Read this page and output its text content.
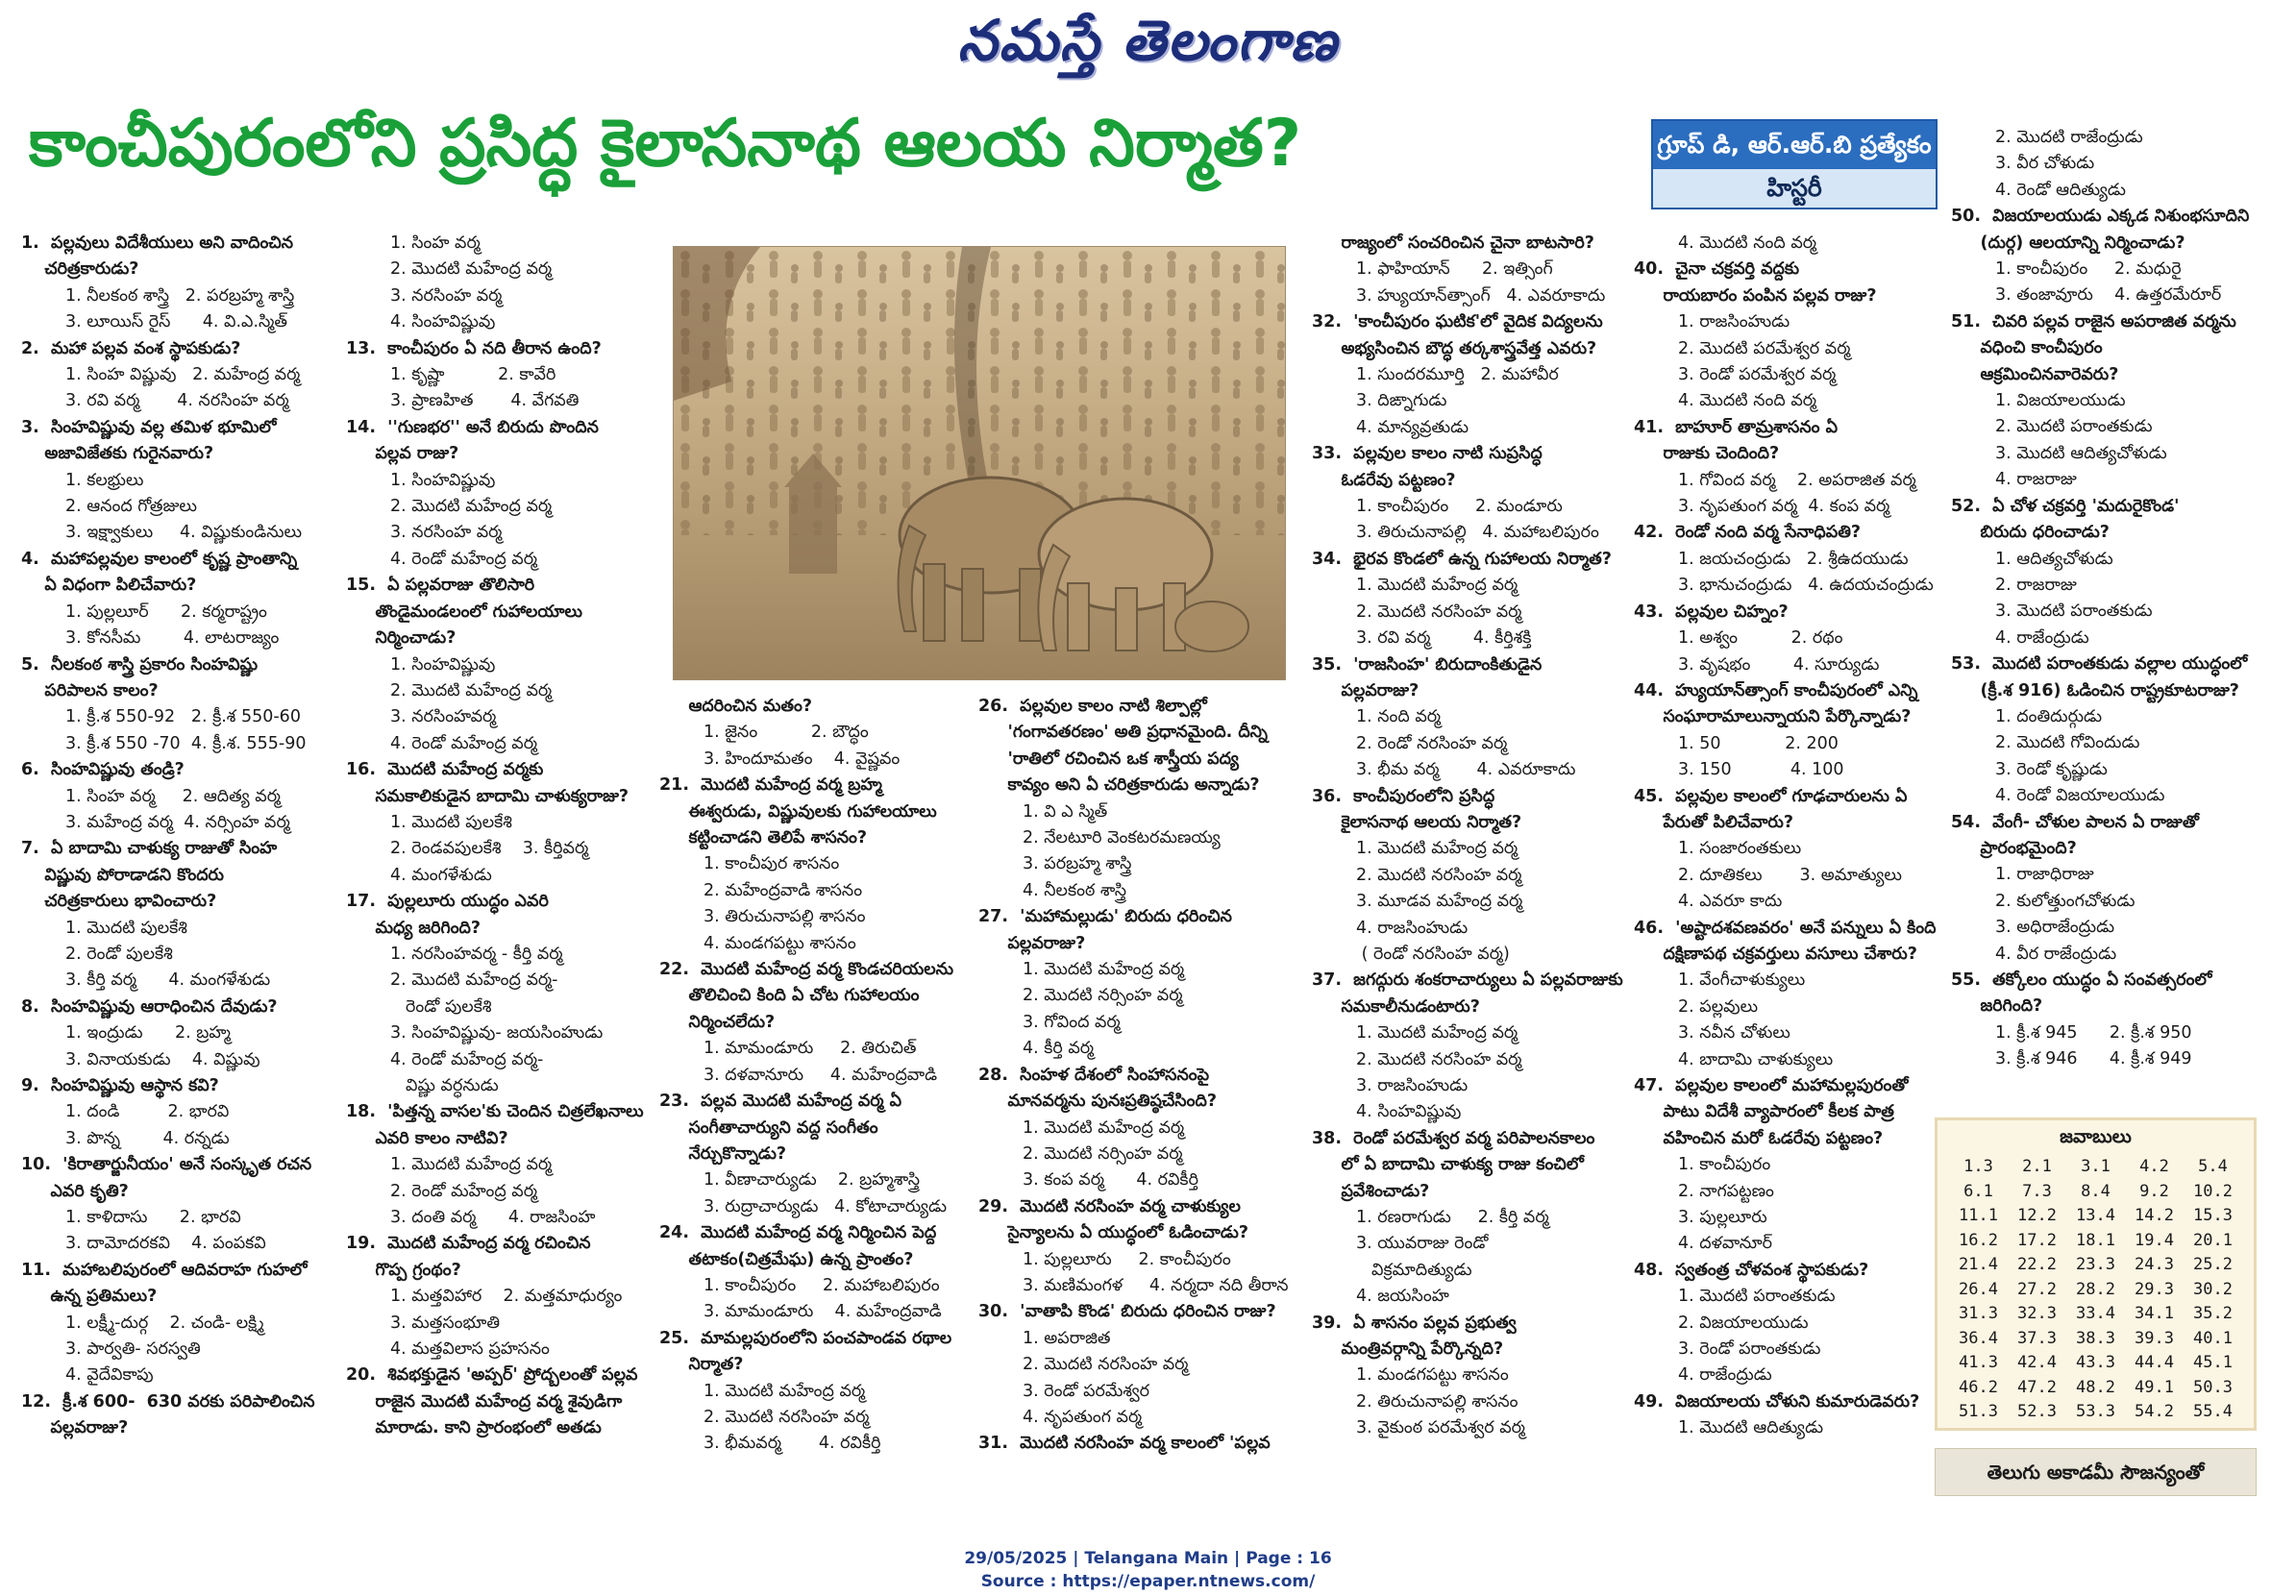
నమస్తే తెలంగాణ
కాంచీపురంలోని ప్రసిద్ధ కైలాసనాథ ఆలయ నిర్మాత?	గ్రూప్ డి, ఆర్.ఆర్.బి ప్రత్యేకం
హిస్టరీ
1.  పల్లవులు విదేశీయులు అని వాదించిన
చరిత్రకారుడు?
1. నీలకంఠ శాస్త్రి   2. పరబ్రహ్మ శాస్త్రి
3. లూయిస్ రైస్      4. వి.ఎ.స్మిత్
2.  మహా పల్లవ వంశ స్థాపకుడు?
1. సింహ విష్ణువు   2. మహేంద్ర వర్మ
3. రవి వర్మ       4. నరసింహ వర్మ
3.  సింహవిష్ణువు వల్ల తమిళ భూమిలో
అజావిజేతకు గురైనవారు?
1. కలభ్రులు
2. ఆనంద గోత్రజులు
3. ఇక్ష్వాకులు     4. విష్ణుకుండినులు
4.  మహాపల్లవుల కాలంలో కృష్ణ ప్రాంతాన్ని
ఏ విధంగా పిలిచేవారు?
1. పుల్లలూర్      2. కర్మరాష్ట్రం
3. కోనసీమ        4. లాటరాజ్యం
5.  నీలకంఠ శాస్త్రి ప్రకారం సింహవిష్ణు
పరిపాలన కాలం?
1. క్రీ.శ 550-92   2. క్రీ.శ 550-60
3. క్రీ.శ 550 -70  4. క్రీ.శ. 555-90
6.  సింహవిష్ణువు తండ్రి?
1. సింహ వర్మ     2. ఆదిత్య వర్మ
3. మహేంద్ర వర్మ  4. నర్సింహ వర్మ
7.  ఏ బాదామి చాళుక్య రాజుతో సింహ
విష్ణువు పోరాడాడని కొందరు
చరిత్రకారులు భావించారు?
1. మొదటి పులకేశి
2. రెండో పులకేశి
3. కీర్తి వర్మ      4. మంగళేశుడు
8.  సింహవిష్ణువు ఆరాధించిన దేవుడు?
1. ఇంద్రుడు      2. బ్రహ్మ
3. వినాయకుడు    4. విష్ణువు
9.  సింహవిష్ణువు ఆస్థాన కవి?
1. దండి         2. భారవి
3. పొన్న        4. రన్నడు
10.  'కిరాతార్జునీయం' అనే సంస్కృత రచన
ఎవరి కృతి?
1. కాళిదాసు      2. భారవి
3. దామోదరకవి    4. పంపకవి
11.  మహాబలిపురంలో ఆదివరాహ గుహలో
ఉన్న ప్రతిమలు?
1. లక్ష్మీ-దుర్గ    2. చండి- లక్ష్మి
3. పార్వతి- సరస్వతి
4. వైదేవికాపు
12.  క్రీ.శ 600-  630 వరకు పరిపాలించిన
పల్లవరాజు?
1. సింహ వర్మ
2. మొదటి మహేంద్ర వర్మ
3. నరసింహ వర్మ
4. సింహవిష్ణువు
13.  కాంచీపురం ఏ నది తీరాన ఉంది?
1. కృష్ణా          2. కావేరి
3. ప్రాణహిత       4. వేగవతి
14.  ''గుణభర'' అనే బిరుదు పొందిన
పల్లవ రాజు?
1. సింహవిష్ణువు
2. మొదటి మహేంద్ర వర్మ
3. నరసింహ వర్మ
4. రెండో మహేంద్ర వర్మ
15.  ఏ పల్లవరాజు తొలిసారి
తొండైమండలంలో గుహాలయాలు
నిర్మించాడు?
1. సింహవిష్ణువు
2. మొదటి మహేంద్ర వర్మ
3. నరసింహవర్మ
4. రెండో మహేంద్ర వర్మ
16.  మొదటి మహేంద్ర వర్మకు
సమకాలికుడైన బాదామి చాళుక్యరాజు?
1. మొదటి పులకేశి
2. రెండవపులకేశి    3. కీర్తివర్మ
4. మంగళేశుడు
17.  పుల్లలూరు యుద్ధం ఎవరి
మధ్య జరిగింది?
1. నరసింహవర్మ - కీర్తి వర్మ
2. మొదటి మహేంద్ర వర్మ-
రెండో పులకేశి
3. సింహవిష్ణువు- జయసింహుడు
4. రెండో మహేంద్ర వర్మ-
విష్ణు వర్ధనుడు
18.  'పిత్తన్న వాసల'కు చెందిన చిత్రలేఖనాలు
ఎవరి కాలం నాటివి?
1. మొదటి మహేంద్ర వర్మ
2. రెండో మహేంద్ర వర్మ
3. దంతి వర్మ      4. రాజసింహ
19.  మొదటి మహేంద్ర వర్మ రచించిన
గొప్ప గ్రంథం?
1. మత్తవిహార    2. మత్తమాధుర్యం
3. మత్తసంభూతి
4. మత్తవిలాస ప్రహసనం
20.  శివభక్తుడైన 'అప్పర్' ప్రోద్బలంతో పల్లవ
రాజైన మొదటి మహేంద్ర వర్మ శైవుడిగా
మారాడు. కాని ప్రారంభంలో అతడు
ఆదరించిన మతం?
1. జైనం          2. బౌద్ధం
3. హిందూమతం    4. వైష్ణవం
21.  మొదటి మహేంద్ర వర్మ బ్రహ్మ
ఈశ్వరుడు, విష్ణువులకు గుహాలయాలు
కట్టించాడని తెలిపే శాసనం?
1. కాంచీపుర శాసనం
2. మహేంద్రవాడి శాసనం
3. తిరుచునాపల్లి శాసనం
4. మండగపట్టు శాసనం
22.  మొదటి మహేంద్ర వర్మ కొండచరియలను
తొలిచించి కింది ఏ చోట గుహాలయం
నిర్మించలేదు?
1. మామండూరు     2. తిరుచిత్
3. దళవానూరు     4. మహేంద్రవాడి
23.  పల్లవ మొదటి మహేంద్ర వర్మ ఏ
సంగీతాచార్యుని వద్ద సంగీతం
నేర్చుకొన్నాడు?
1. వీణాచార్యుడు    2. బ్రహ్మశాస్త్రి
3. రుద్రాచార్యుడు   4. కోటాచార్యుడు
24.  మొదటి మహేంద్ర వర్మ నిర్మించిన పెద్ద
తటాకం(చిత్రమేఘ) ఉన్న ప్రాంతం?
1. కాంచీపురం     2. మహాబలిపురం
3. మామండూరు    4. మహేంద్రవాడి
25.  మామల్లపురంలోని పంచపాండవ రథాల
నిర్మాత?
1. మొదటి మహేంద్ర వర్మ
2. మొదటి నరసింహ వర్మ
3. భీమవర్మ       4. రవికీర్తి
26.  పల్లవుల కాలం నాటి శిల్పాల్లో
'గంగావతరణం' అతి ప్రధానమైంది. దీన్ని
'రాతిలో రచించిన ఒక శాస్త్రీయ పద్య
కావ్యం అని ఏ చరిత్రకారుడు అన్నాడు?
1. వి ఎ స్మిత్
2. నేలటూరి వెంకటరమణయ్య
3. పరబ్రహ్మ శాస్త్రి
4. నీలకంఠ శాస్త్రి
27.  'మహామల్లుడు' బిరుదు ధరించిన
పల్లవరాజు?
1. మొదటి మహేంద్ర వర్మ
2. మొదటి నర్సింహ వర్మ
3. గోవింద వర్మ
4. కీర్తి వర్మ
28.  సింహళ దేశంలో సింహాసనంపై
మానవర్మను పునఃప్రతిష్ఠచేసింది?
1. మొదటి మహేంద్ర వర్మ
2. మొదటి నర్సింహ వర్మ
3. కంప వర్మ      4. రవికీర్తి
29.  మొదటి నరసింహ వర్మ చాళుక్యుల
సైన్యాలను ఏ యుద్ధంలో ఓడించాడు?
1. పుల్లలూరు     2. కాంచీపురం
3. మణిమంగళ     4. నర్మదా నది తీరాన
30.  'వాతాపి కొండ' బిరుదు ధరించిన రాజు?
1. అపరాజిత
2. మొదటి నరసింహ వర్మ
3. రెండో పరమేశ్వర
4. నృపతుంగ వర్మ
31.  మొదటి నరసింహ వర్మ కాలంలో 'పల్లవ
రాజ్యంలో సంచరించిన చైనా బాటసారి?
1. ఫాహియాన్      2. ఇత్సింగ్
3. హ్యుయాన్‌త్సాంగ్   4. ఎవరూకాదు
32.  'కాంచీపురం ఘటిక'లో వైదిక విద్యలను
అభ్యసించిన బౌద్ధ తర్కశాస్త్రవేత్త ఎవరు?
1. సుందరమూర్తి   2. మహావీర
3. దిఙ్నాగుడు
4. మాన్యవ్రతుడు
33.  పల్లవుల కాలం నాటి సుప్రసిద్ధ
ఓడరేవు పట్టణం?
1. కాంచీపురం     2. మండూరు
3. తిరుచునాపల్లి   4. మహాబలిపురం
34.  భైరవ కొండలో ఉన్న గుహాలయ నిర్మాత?
1. మొదటి మహేంద్ర వర్మ
2. మొదటి నరసింహ వర్మ
3. రవి వర్మ        4. కీర్తిశక్తి
35.  'రాజసింహ' బిరుదాంకితుడైన
పల్లవరాజు?
1. నంది వర్మ
2. రెండో నరసింహ వర్మ
3. భీమ వర్మ       4. ఎవరూకాదు
36.  కాంచీపురంలోని ప్రసిద్ధ
కైలాసనాథ ఆలయ నిర్మాత?
1. మొదటి మహేంద్ర వర్మ
2. మొదటి నరసింహ వర్మ
3. మూడవ మహేంద్ర వర్మ
4. రాజసింహుడు
( రెండో నరసింహ వర్మ)
37.  జగద్గురు శంకరాచార్యులు ఏ పల్లవరాజుకు
సమకాలీనుడంటారు?
1. మొదటి మహేంద్ర వర్మ
2. మొదటి నరసింహ వర్మ
3. రాజసింహుడు
4. సింహవిష్ణువు
38.  రెండో పరమేశ్వర వర్మ పరిపాలనకాలం
లో ఏ బాదామి చాళుక్య రాజు కంచిలో
ప్రవేశించాడు?
1. రణరాగుడు     2. కీర్తి వర్మ
3. యువరాజు రెండో
విక్రమాదిత్యుడు
4. జయసింహ
39.  ఏ శాసనం పల్లవ ప్రభుత్వ
మంత్రివర్గాన్ని పేర్కొన్నది?
1. మండగపట్టు శాసనం
2. తిరుచునాపల్లి శాసనం
3. వైకుంఠ పరమేశ్వర వర్మ
4. మొదటి నంది వర్మ
40.  చైనా చక్రవర్తి వద్దకు
రాయబారం పంపిన పల్లవ రాజు?
1. రాజసింహుడు
2. మొదటి పరమేశ్వర వర్మ
3. రెండో పరమేశ్వర వర్మ
4. మొదటి నంది వర్మ
41.  బాహూర్ తామ్రశాసనం ఏ
రాజుకు చెందింది?
1. గోవింద వర్మ    2. అపరాజిత వర్మ
3. నృపతుంగ వర్మ  4. కంప వర్మ
42.  రెండో నంది వర్మ సేనాధిపతి?
1. జయచంద్రుడు   2. శ్రీఉదయుడు
3. భానుచంద్రుడు   4. ఉదయచంద్రుడు
43.  పల్లవుల చిహ్నం?
1. అశ్వం          2. రథం
3. వృషభం        4. సూర్యుడు
44.  హ్యుయాన్‌త్సాంగ్ కాంచీపురంలో ఎన్ని
సంఘారామాలున్నాయని పేర్కొన్నాడు?
1. 50            2. 200
3. 150           4. 100
45.  పల్లవుల కాలంలో గూఢచారులను ఏ
పేరుతో పిలిచేవారు?
1. సంజారంతకులు
2. దూతికలు       3. అమాత్యులు
4. ఎవరూ కాదు
46.  'అష్టాదశవణవరం' అనే పన్నులు ఏ కింది
దక్షిణాపథ చక్రవర్తులు వసూలు చేశారు?
1. వేంగీచాళుక్యులు
2. పల్లవులు
3. నవీన చోళులు
4. బాదామి చాళుక్యులు
47.  పల్లవుల కాలంలో మహామల్లపురంతో
పాటు విదేశీ వ్యాపారంలో కీలక పాత్ర
వహించిన మరో ఓడరేవు పట్టణం?
1. కాంచీపురం
2. నాగపట్టణం
3. పుల్లలూరు
4. దళవానూర్
48.  స్వతంత్ర చోళవంశ స్థాపకుడు?
1. మొదటి పరాంతకుడు
2. విజయాలయుడు
3. రెండో పరాంతకుడు
4. రాజేంద్రుడు
49.  విజయాలయ చోళుని కుమారుడెవరు?
1. మొదటి ఆదిత్యుడు
2. మొదటి రాజేంద్రుడు
3. వీర చోళుడు
4. రెండో ఆదిత్యుడు
50.  విజయాలయుడు ఎక్కడ నిశుంభసూదిని
(దుర్గ) ఆలయాన్ని నిర్మించాడు?
1. కాంచీపురం     2. మధురై
3. తంజావూరు    4. ఉత్తరమేరూర్
51.  చివరి పల్లవ రాజైన అపరాజిత వర్మను
వధించి కాంచీపురం
ఆక్రమించినవారెవరు?
1. విజయాలయుడు
2. మొదటి పరాంతకుడు
3. మొదటి ఆదిత్యచోళుడు
4. రాజరాజు
52.  ఏ చోళ చక్రవర్తి 'మదురైకొండ'
బిరుదు ధరించాడు?
1. ఆదిత్యచోళుడు
2. రాజరాజు
3. మొదటి పరాంతకుడు
4. రాజేంద్రుడు
53.  మొదటి పరాంతకుడు వల్లాల యుద్ధంలో
(క్రీ.శ 916) ఓడించిన రాష్ట్రకూటరాజు?
1. దంతిదుర్గుడు
2. మొదటి గోవిందుడు
3. రెండో కృష్ణుడు
4. రెండో విజయాలయుడు
54.  వేంగీ- చోళుల పాలన ఏ రాజుతో
ప్రారంభమైంది?
1. రాజాధిరాజు
2. కులోత్తుంగచోళుడు
3. అధిరాజేంద్రుడు
4. వీర రాజేంద్రుడు
55.  తక్కోలం యుద్ధం ఏ సంవత్సరంలో
జరిగింది?
1. క్రీ.శ 945      2. క్రీ.శ 950
3. క్రీ.శ 946      4. క్రీ.శ 949
జవాబులు
1.3	2.1	3.1	4.2	5.4
6.1	7.3	8.4	9.2	10.2
11.1	12.2	13.4	14.2	15.3
16.2	17.2	18.1	19.4	20.1
21.4	22.2	23.3	24.3	25.2
26.4	27.2	28.2	29.3	30.2
31.3	32.3	33.4	34.1	35.2
36.4	37.3	38.3	39.3	40.1
41.3	42.4	43.3	44.4	45.1
46.2	47.2	48.2	49.1	50.3
51.3	52.3	53.3	54.2	55.4
తెలుగు అకాడమీ సౌజన్యంతో
29/05/2025 | Telangana Main | Page : 16
Source : https://epaper.ntnews.com/
